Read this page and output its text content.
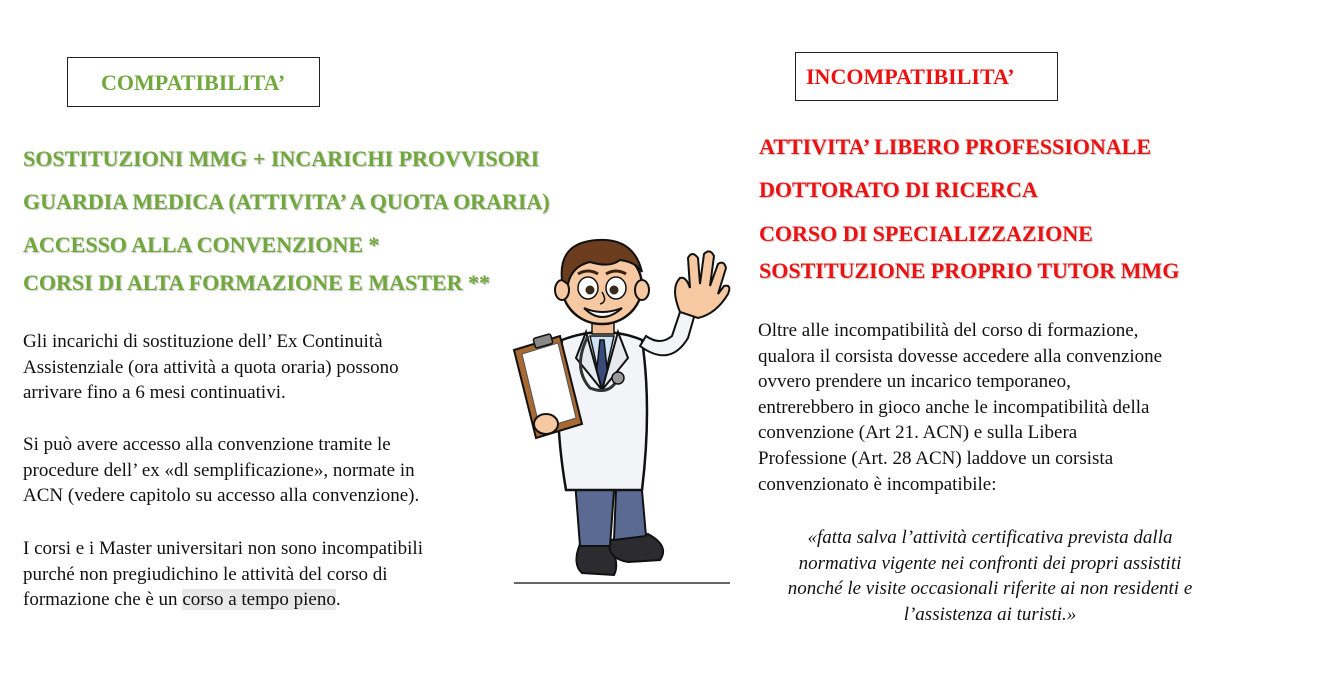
COMPATIBILITA’
SOSTITUZIONI MMG + INCARICHI PROVVISORI
GUARDIA MEDICA (ATTIVITA’ A QUOTA ORARIA)
ACCESSO ALLA CONVENZIONE *
CORSI DI ALTA FORMAZIONE E MASTER **
Gli incarichi di sostituzione dell’ Ex Continuità
Assistenziale (ora attività a quota oraria) possono
arrivare fino a 6 mesi continuativi.
Si può avere accesso alla convenzione tramite le
procedure dell’ ex «dl semplificazione», normate in
ACN (vedere capitolo su accesso alla convenzione).
I corsi e i Master universitari non sono incompatibili
purché non pregiudichino le attività del corso di
formazione che è un corso a tempo pieno.
INCOMPATIBILITA’
ATTIVITA’ LIBERO PROFESSIONALE
DOTTORATO DI RICERCA
CORSO DI SPECIALIZZAZIONE
SOSTITUZIONE PROPRIO TUTOR MMG
Oltre alle incompatibilità del corso di formazione,
qualora il corsista dovesse accedere alla convenzione
ovvero prendere un incarico temporaneo,
entrerebbero in gioco anche le incompatibilità della
convenzione (Art 21. ACN) e sulla Libera
Professione (Art. 28 ACN) laddove un corsista
convenzionato è incompatibile:
«fatta salva l’attività certificativa prevista dalla
normativa vigente nei confronti dei propri assistiti
nonché le visite occasionali riferite ai non residenti e
l’assistenza ai turisti.»
